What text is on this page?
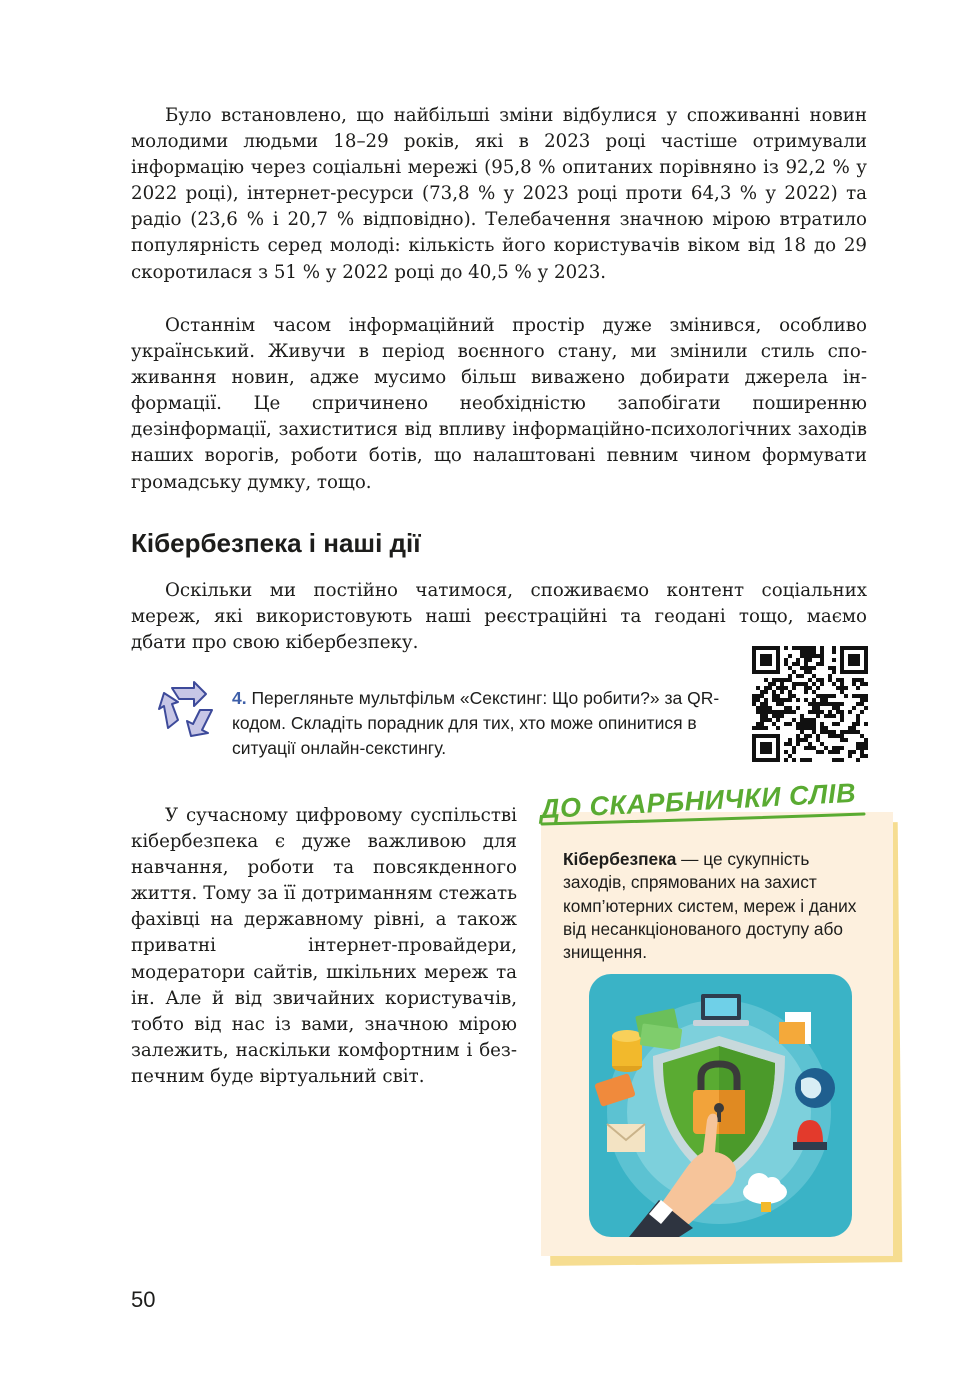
Було встановлено, що найбільші зміни відбулися у споживанні новин молодими людьми 18–29 років, які в 2023 році частіше отримували інформацію через соціальні мережі (95,8 % опитаних порівняно із 92,2 % у 2022 році), інтернет-ресурси (73,8 % у 2023 році проти 64,3 % у 2022) та радіо (23,6 % і 20,7 % відповідно). Телебачення значною мірою втратило популярність серед молоді: кількість його користувачів віком від 18 до 29 скоротилася з 51 % у 2022 році до 40,5 % у 2023.

Останнім часом інформаційний простір дуже змінився, особливо український. Живучи в період воєнного стану, ми змінили стиль споживання новин, адже мусимо більш виважено добирати джерела інформації. Це спричинено необхідністю запобігати поширенню дезінформації, захиститися від впливу інформаційно-психологічних заходів наших ворогів, роботи ботів, що налаштовані певним чином формувати громадську думку, тощо.

Кібербезпека і наші дії

Оскільки ми постійно чатимося, споживаємо контент соціальних мереж, які використовують наші реєстраційні та геодані тощо, маємо дбати про свою кібербезпеку.

4. Перегляньте мультфільм «Секстинг: Що робити?» за QR-кодом. Складіть порадник для тих, хто може опинитися в ситуації онлайн-секстингу.

У сучасному цифровому суспільстві кібербезпека є дуже важливою для навчання, роботи та повсякденного життя. Тому за її дотриманням стежать фахівці на державному рівні, а також приватні інтернет-провайдери, модератори сайтів, шкільних мереж та ін. Але й від звичайних користувачів, тобто від нас із вами, значною мірою залежить, наскільки комфортним і безпечним буде віртуальний світ.

ДО СКАРБНИЧКИ СЛІВ

Кібербезпека — це сукупність заходів, спрямованих на захист комп’ютерних систем, мереж і даних від несанкціонованого доступу або знищення.

50
